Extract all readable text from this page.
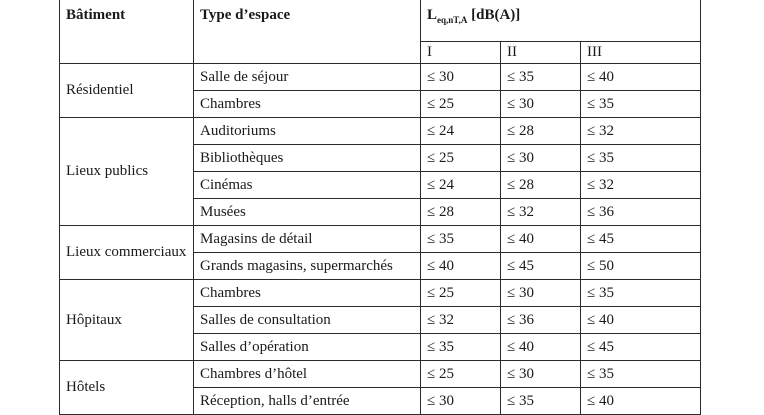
Bâtiment	Type d’espace	$L_{eq,nT,A}$ [dB(A)]		
		I	II	III
Résidentiel	Salle de séjour	≤ 30	≤ 35	≤ 40
	Chambres	≤ 25	≤ 30	≤ 35
Lieux publics	Auditoriums	≤ 24	≤ 28	≤ 32
	Bibliothèques	≤ 25	≤ 30	≤ 35
	Cinémas	≤ 24	≤ 28	≤ 32
	Musées	≤ 28	≤ 32	≤ 36
Lieux commerciaux	Magasins de détail	≤ 35	≤ 40	≤ 45
	Grands magasins, supermarchés	≤ 40	≤ 45	≤ 50
Hôpitaux	Chambres	≤ 25	≤ 30	≤ 35
	Salles de consultation	≤ 32	≤ 36	≤ 40
	Salles d’opération	≤ 35	≤ 40	≤ 45
Hôtels	Chambres d’hôtel	≤ 25	≤ 30	≤ 35
	Réception, halls d’entrée	≤ 30	≤ 35	≤ 40
